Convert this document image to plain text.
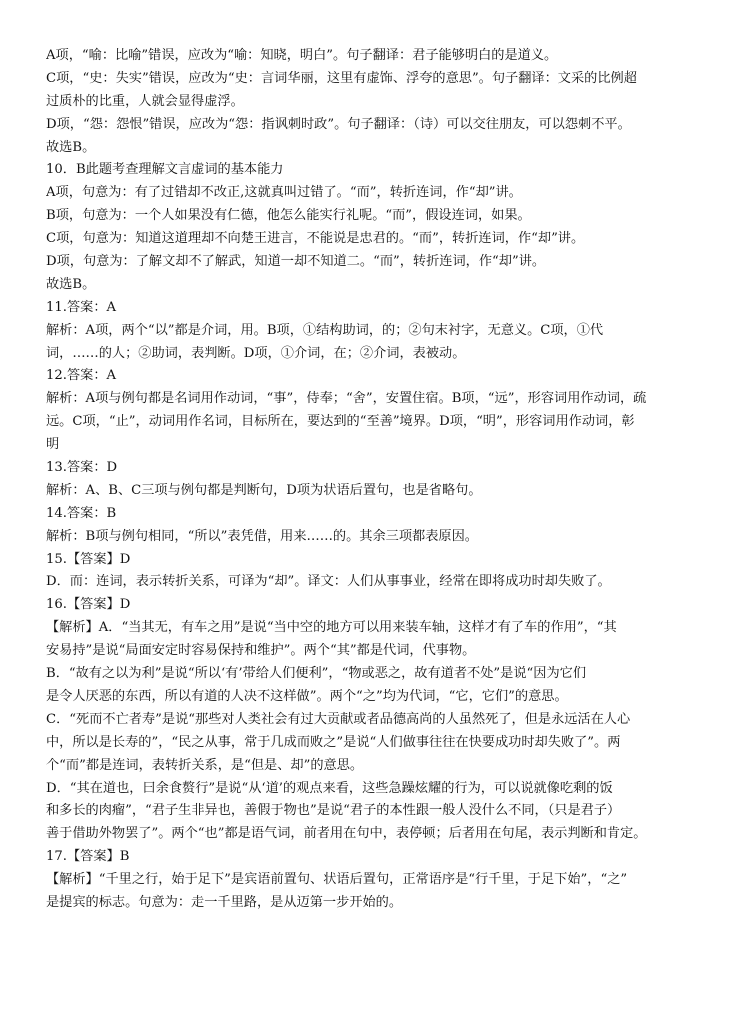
A项，“喻：比喻”错误，应改为“喻：知晓，明白”。句子翻译：君子能够明白的是道义。
C项，“史：失实”错误，应改为“史：言词华丽，这里有虚饰、浮夸的意思”。句子翻译：文采的比例超
过质朴的比重，人就会显得虚浮。
D项，“怨：怨恨”错误，应改为“怨：指讽刺时政”。句子翻译：（诗）可以交往朋友，可以怨刺不平。
故选B。
10．B此题考查理解文言虚词的基本能力
A项，句意为：有了过错却不改正,这就真叫过错了。“而”，转折连词，作“却”讲。
B项，句意为：一个人如果没有仁德，他怎么能实行礼呢。“而”，假设连词，如果。
C项，句意为：知道这道理却不向楚王进言，不能说是忠君的。“而”，转折连词，作“却”讲。
D项，句意为：了解文却不了解武，知道一却不知道二。“而”，转折连词，作“却”讲。
故选B。
11.答案：A
解析：A项，两个“以”都是介词，用。B项，①结构助词，的；②句末衬字，无意义。C项，①代
词，……的人；②助词，表判断。D项，①介词，在；②介词，表被动。
12.答案：A
解析：A项与例句都是名词用作动词，“事”，侍奉；“舍”，安置住宿。B项，“远”，形容词用作动词，疏
远。C项，“止”，动词用作名词，目标所在，要达到的“至善”境界。D项，“明”，形容词用作动词，彰
明
13.答案：D
解析：A、B、C三项与例句都是判断句，D项为状语后置句，也是省略句。
14.答案：B
解析：B项与例句相同，“所以”表凭借，用来……的。其余三项都表原因。
15.【答案】D
D．而：连词，表示转折关系，可译为“却”。译文：人们从事事业，经常在即将成功时却失败了。
16.【答案】D
【解析】A．“当其无，有车之用”是说“当中空的地方可以用来装车轴，这样才有了车的作用”，“其
安易持”是说“局面安定时容易保持和维护”。两个“其”都是代词，代事物。
B．“故有之以为利”是说“所以‘有’带给人们便利”，“物或恶之，故有道者不处”是说“因为它们
是令人厌恶的东西，所以有道的人决不这样做”。两个“之”均为代词，“它，它们”的意思。
C．“死而不亡者寿”是说“那些对人类社会有过大贡献或者品德高尚的人虽然死了，但是永远活在人心
中，所以是长寿的”，“民之从事，常于几成而败之”是说“人们做事往往在快要成功时却失败了”。两
个“而”都是连词，表转折关系，是“但是、却”的意思。
D．“其在道也，曰余食赘行”是说“从‘道’的观点来看，这些急躁炫耀的行为，可以说就像吃剩的饭
和多长的肉瘤”，“君子生非异也，善假于物也”是说“君子的本性跟一般人没什么不同，（只是君子）
善于借助外物罢了”。两个“也”都是语气词，前者用在句中，表停顿；后者用在句尾，表示判断和肯定。
17.【答案】B
【解析】“千里之行，始于足下”是宾语前置句、状语后置句，正常语序是“行千里，于足下始”，“之”
是提宾的标志。句意为：走一千里路，是从迈第一步开始的。
